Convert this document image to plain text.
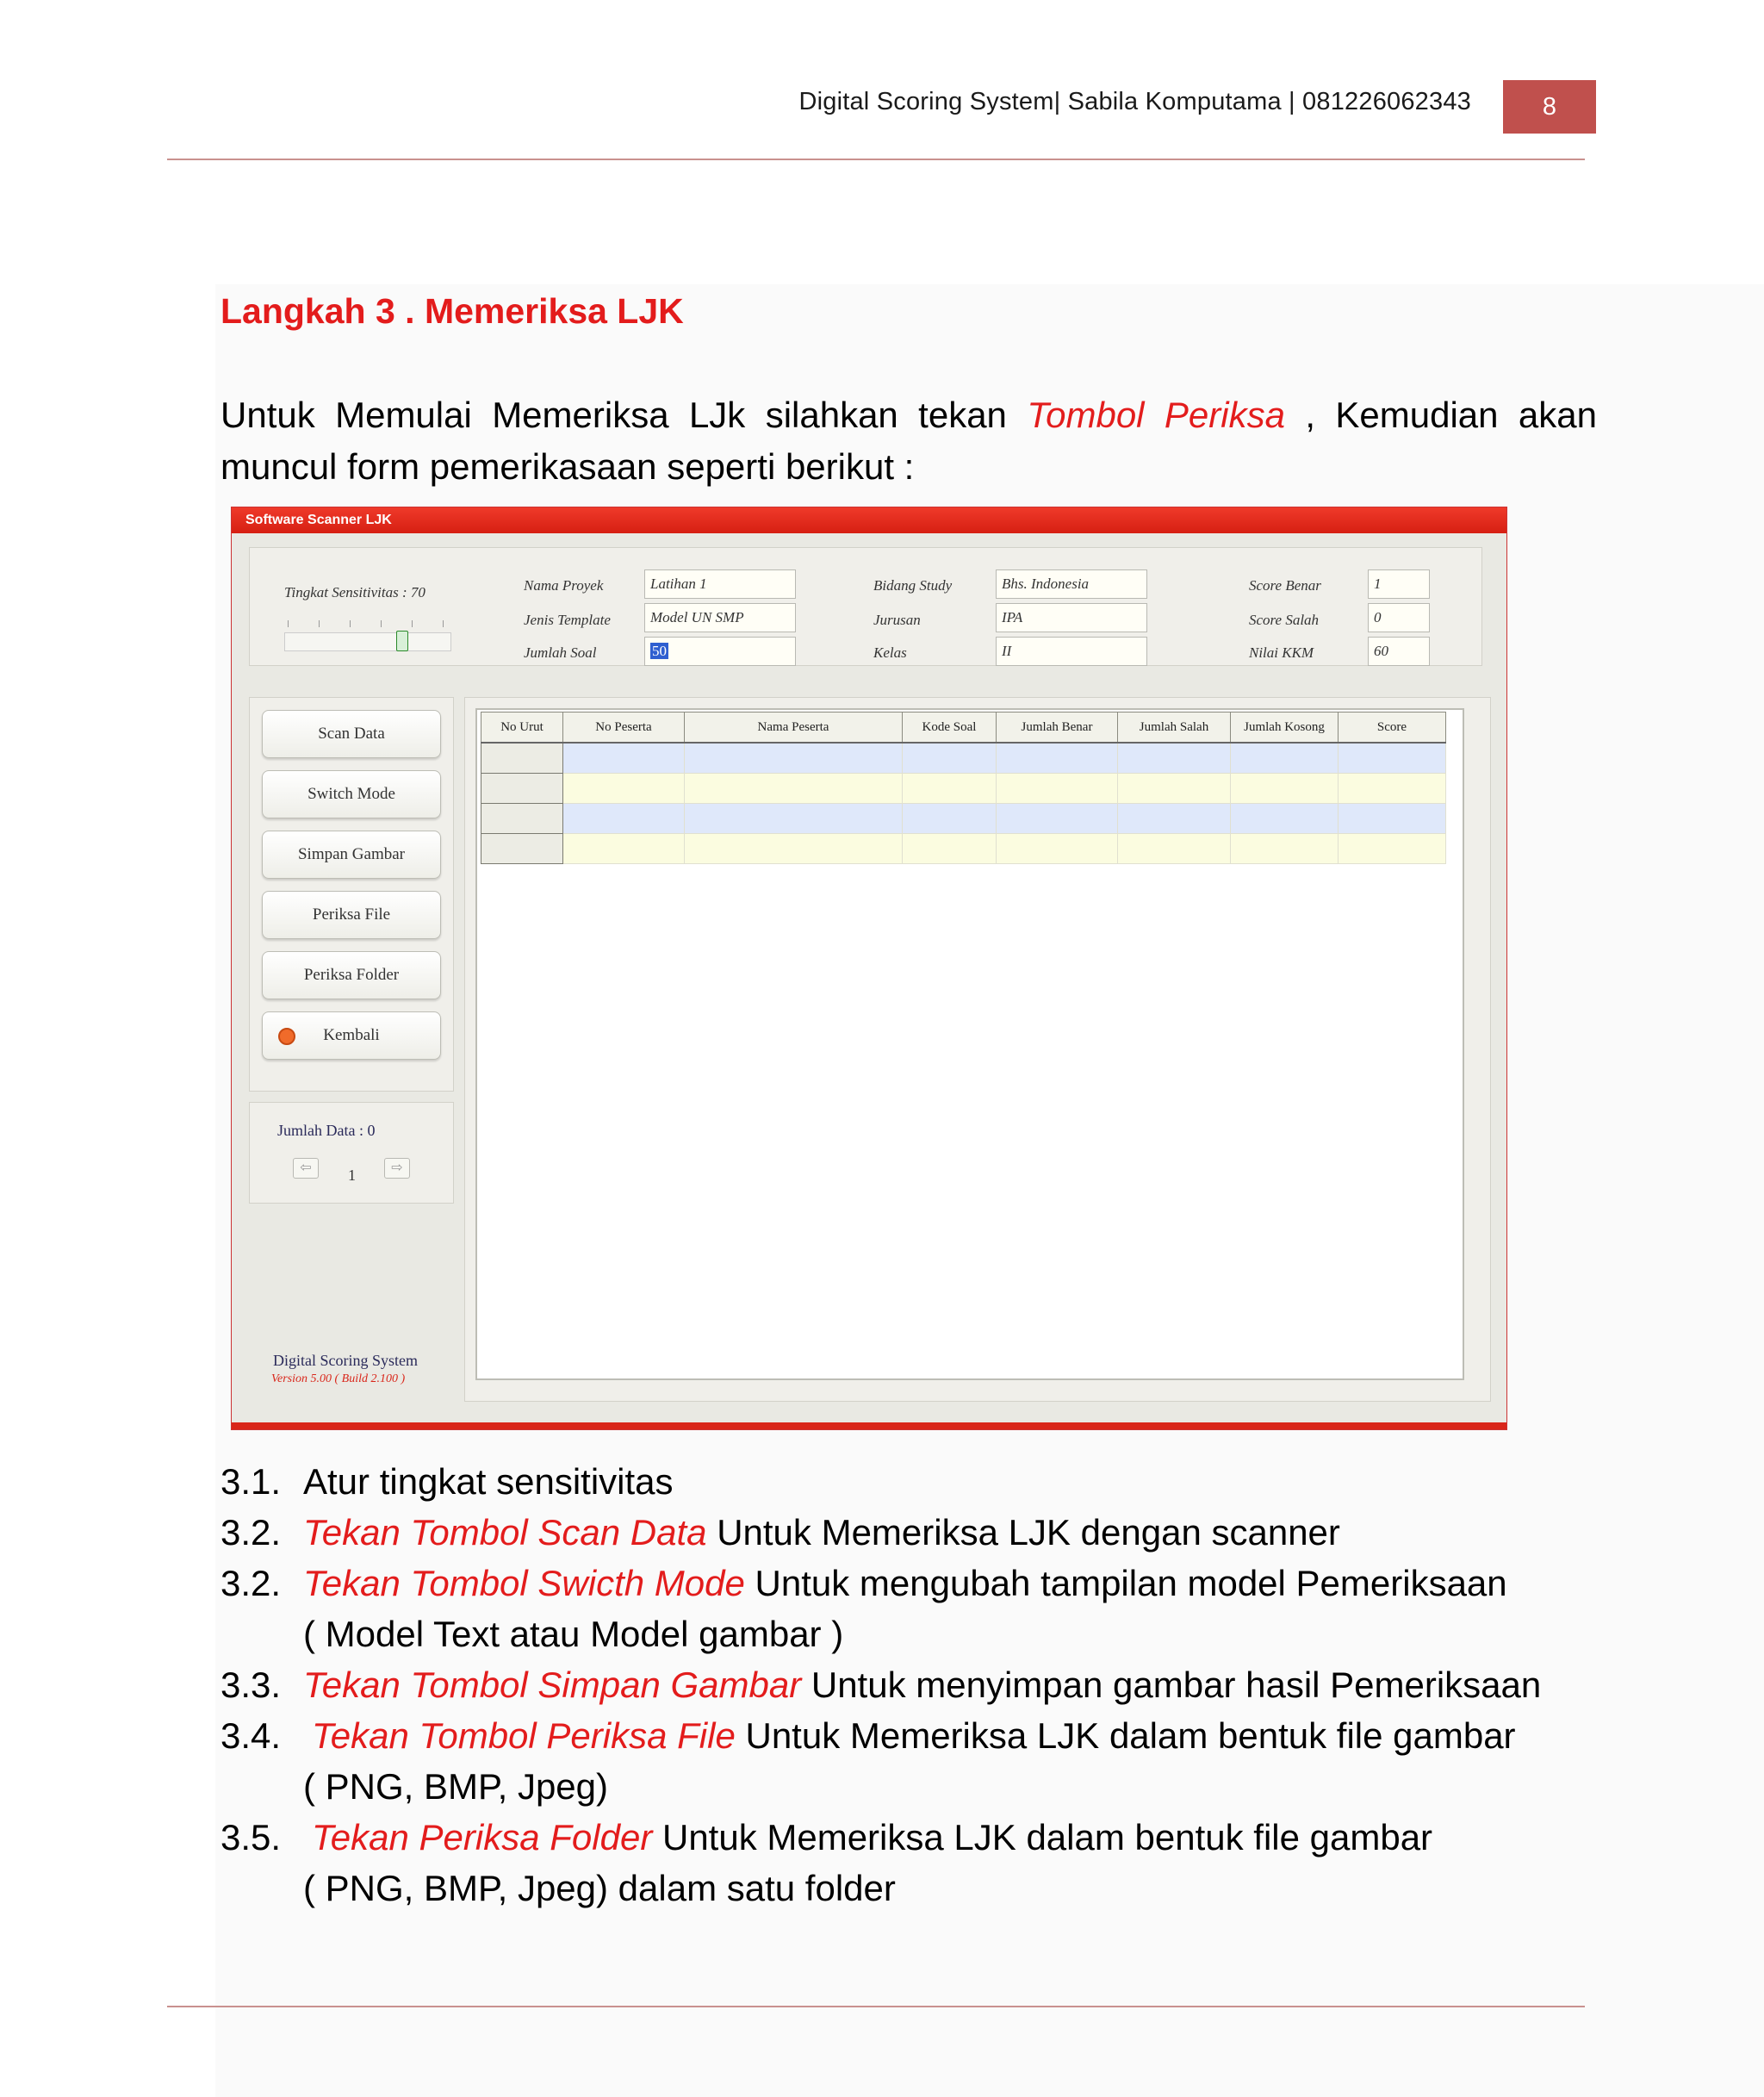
Digital Scoring System| Sabila Komputama | 081226062343	8
Langkah 3 . Memeriksa LJK
Untuk Memulai Memeriksa LJk silahkan tekan Tombol Periksa , Kemudian akan
muncul form pemerikasaan seperti berikut :
Software Scanner LJK
Tingkat Sensitivitas : 70	Nama Proyek	Latihan 1
Jenis Template	Model UN SMP
Jumlah Soal	50
Bidang Study	Bhs. Indonesia
Jurusan	IPA
Kelas	II
Score Benar	1
Score Salah	0
Nilai KKM	60
Scan Data
Switch Mode
Simpan Gambar
Periksa File
Periksa Folder
Kembali
Jumlah Data : 0
⇦	1	⇨
Digital Scoring System
Version 5.00 ( Build 2.100 )
No Urut	No Peserta	Nama Peserta	Kode Soal	Jumlah Benar	Jumlah Salah	Jumlah Kosong	Score

3.1. Atur tingkat sensitivitas
3.2. Tekan Tombol Scan Data Untuk Memeriksa LJK dengan scanner
3.2. Tekan Tombol Swicth Mode Untuk mengubah tampilan model Pemeriksaan
( Model Text atau Model gambar )
3.3. Tekan Tombol Simpan Gambar Untuk menyimpan gambar hasil Pemeriksaan
3.4. Tekan Tombol Periksa File Untuk Memeriksa LJK dalam bentuk file gambar
( PNG, BMP, Jpeg)
3.5. Tekan Periksa Folder Untuk Memeriksa LJK dalam bentuk file gambar
( PNG, BMP, Jpeg) dalam satu folder
